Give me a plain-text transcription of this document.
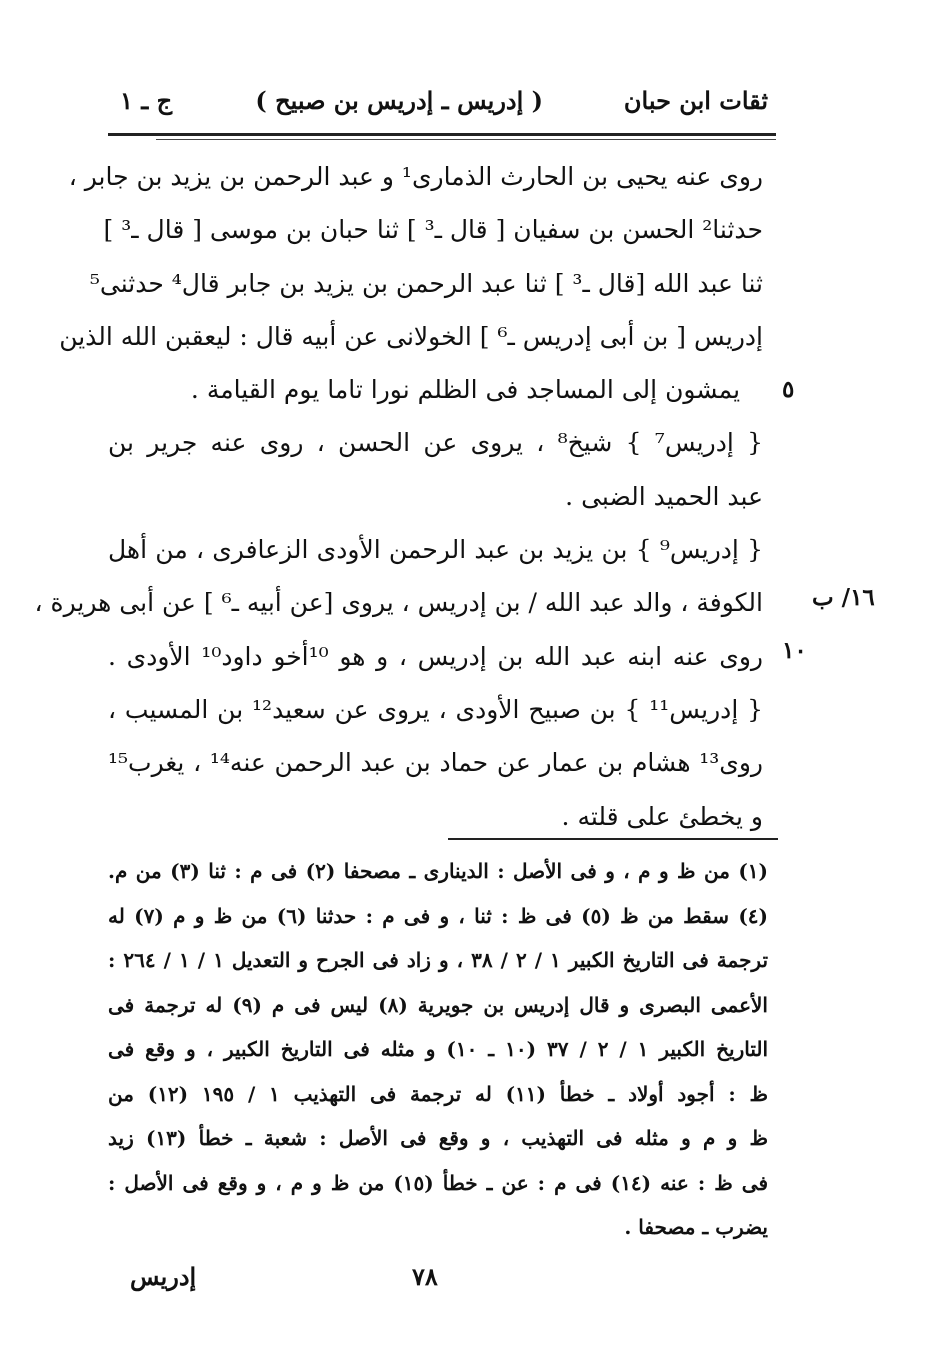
ثقات ابن حبان
( إدريس ـ إدريس بن صبيح )
ج ـ ١
روى عنه يحيى بن الحارث الذمارى¹ و عبد الرحمن بن يزيد بن جابر ،
حدثنا² الحسن بن سفيان [ قال ـ³ ] ثنا حبان بن موسى [ قال ـ³ ]
ثنا عبد الله [قال ـ³ ] ثنا عبد الرحمن بن يزيد بن جابر قال⁴ حدثنى⁵
إدريس [ بن أبى إدريس ـ⁶ ] الخولانى عن أبيه قال : ليعقبن الله الذين
يمشون إلى المساجد فى الظلم نورا تاما يوم القيامة .
{ إدريس⁷ } شيخ⁸ ، يروى عن الحسن ، روى عنه جرير بن
عبد الحميد الضبى .
{ إدريس⁹ } بن يزيد بن عبد الرحمن الأودى الزعافرى ، من أهل
الكوفة ، والد عبد الله / بن إدريس ، يروى [عن أبيه ـ⁶ ] عن أبى هريرة ،
روى عنه ابنه عبد الله بن إدريس ، و هو ¹⁰أخو داود¹⁰ الأودى .
{ إدريس¹¹ } بن صبيح الأودى ، يروى عن سعيد¹² بن المسيب ،
روى¹³ هشام بن عمار عن حماد بن عبد الرحمن عنه¹⁴ ، يغرب¹⁵
و يخطئ على قلته .
٥
١٦/ ب
١٠
(١) من ظ و م ، و فى الأصل : الدينارى ـ مصحفا (٢) فى م : ثنا (٣) من م.
(٤) سقط من ظ (٥) فى ظ : ثنا ، و فى م : حدثنا (٦) من ظ و م (٧) له
ترجمة فى التاريخ الكبير ١ / ٢ / ٣٨ ، و زاد فى الجرح و التعديل ١ / ١ / ٢٦٤ :
الأعمى البصرى و قال إدريس بن جويرية (٨) ليس فى م (٩) له ترجمة فى
التاريخ الكبير ١ / ٢ / ٣٧ (١٠ ـ ١٠) و مثله فى التاريخ الكبير ، و وقع فى
ظ : أجود أولاد ـ خطأ (١١) له ترجمة فى التهذيب ١ / ١٩٥ (١٢) من
ظ و م و مثله فى التهذيب ، و وقع فى الأصل : شعبة ـ خطأ (١٣) زيد
فى ظ : عنه (١٤) فى م : عن ـ خطأ (١٥) من ظ و م ، و وقع فى الأصل :
يضرب ـ مصحفا .
٧٨
إدريس
